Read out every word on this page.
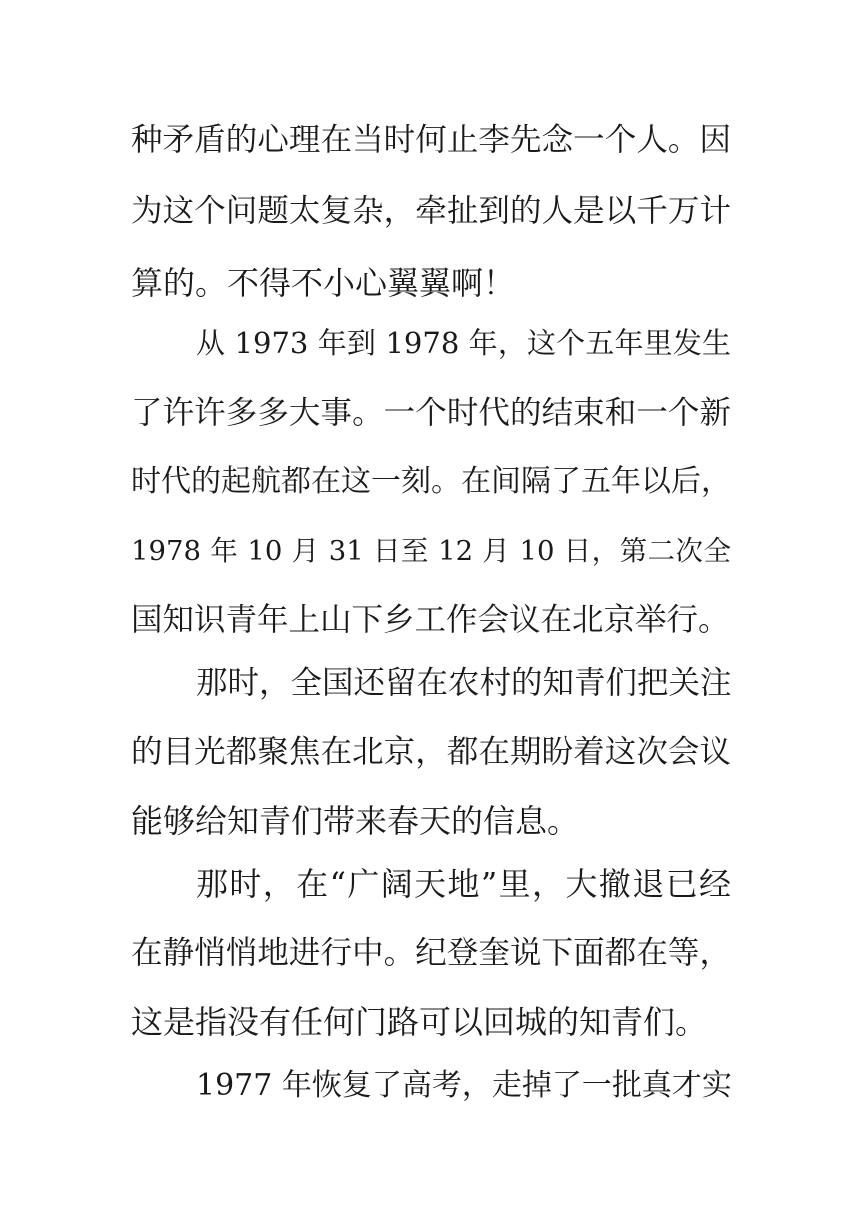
种矛盾的心理在当时何止李先念一个人。因
为这个问题太复杂，牵扯到的人是以千万计
算的。不得不小心翼翼啊！
从 1973 年到 1978 年，这个五年里发生
了许许多多大事。一个时代的结束和一个新
时代的起航都在这一刻。在间隔了五年以后，
1978 年 10 月 31 日至 12 月 10 日，第二次全
国知识青年上山下乡工作会议在北京举行。
那时，全国还留在农村的知青们把关注
的目光都聚焦在北京，都在期盼着这次会议
能够给知青们带来春天的信息。
那时，在“广阔天地”里，大撤退已经
在静悄悄地进行中。纪登奎说下面都在等，
这是指没有任何门路可以回城的知青们。
1977 年恢复了高考，走掉了一批真才实
